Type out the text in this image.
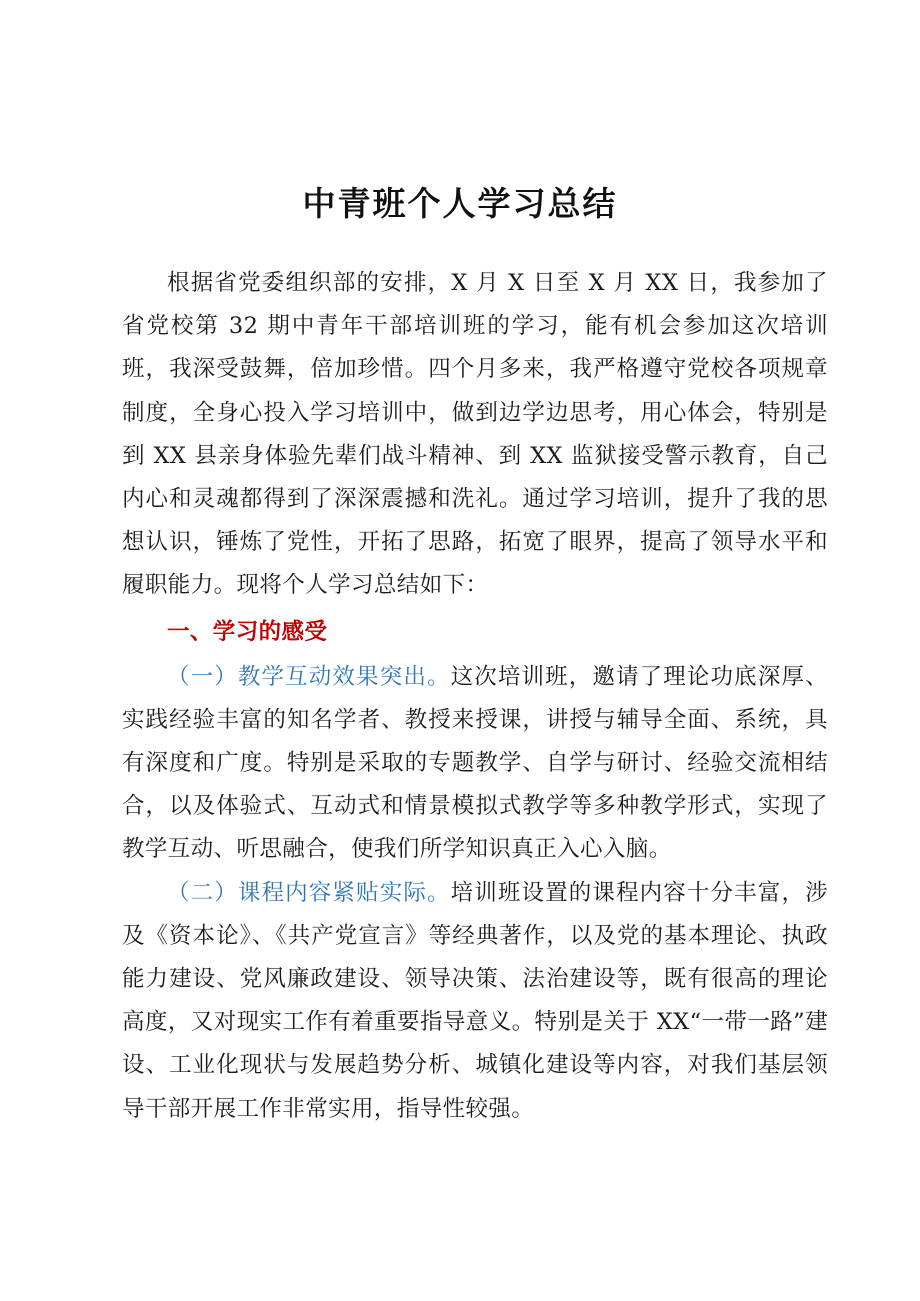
中青班个人学习总结

根据省党委组织部的安排，X 月 X 日至 X 月 XX 日，我参加了省党校第 32 期中青年干部培训班的学习，能有机会参加这次培训班，我深受鼓舞，倍加珍惜。四个月多来，我严格遵守党校各项规章制度，全身心投入学习培训中，做到边学边思考，用心体会，特别是到 XX 县亲身体验先辈们战斗精神、到 XX 监狱接受警示教育，自己内心和灵魂都得到了深深震撼和洗礼。通过学习培训，提升了我的思想认识，锤炼了党性，开拓了思路，拓宽了眼界，提高了领导水平和履职能力。现将个人学习总结如下：

一、学习的感受

（一）教学互动效果突出。这次培训班，邀请了理论功底深厚、实践经验丰富的知名学者、教授来授课，讲授与辅导全面、系统，具有深度和广度。特别是采取的专题教学、自学与研讨、经验交流相结合，以及体验式、互动式和情景模拟式教学等多种教学形式，实现了教学互动、听思融合，使我们所学知识真正入心入脑。

（二）课程内容紧贴实际。培训班设置的课程内容十分丰富，涉及《资本论》、《共产党宣言》等经典著作，以及党的基本理论、执政能力建设、党风廉政建设、领导决策、法治建设等，既有很高的理论高度，又对现实工作有着重要指导意义。特别是关于 XX“一带一路”建设、工业化现状与发展趋势分析、城镇化建设等内容，对我们基层领导干部开展工作非常实用，指导性较强。
